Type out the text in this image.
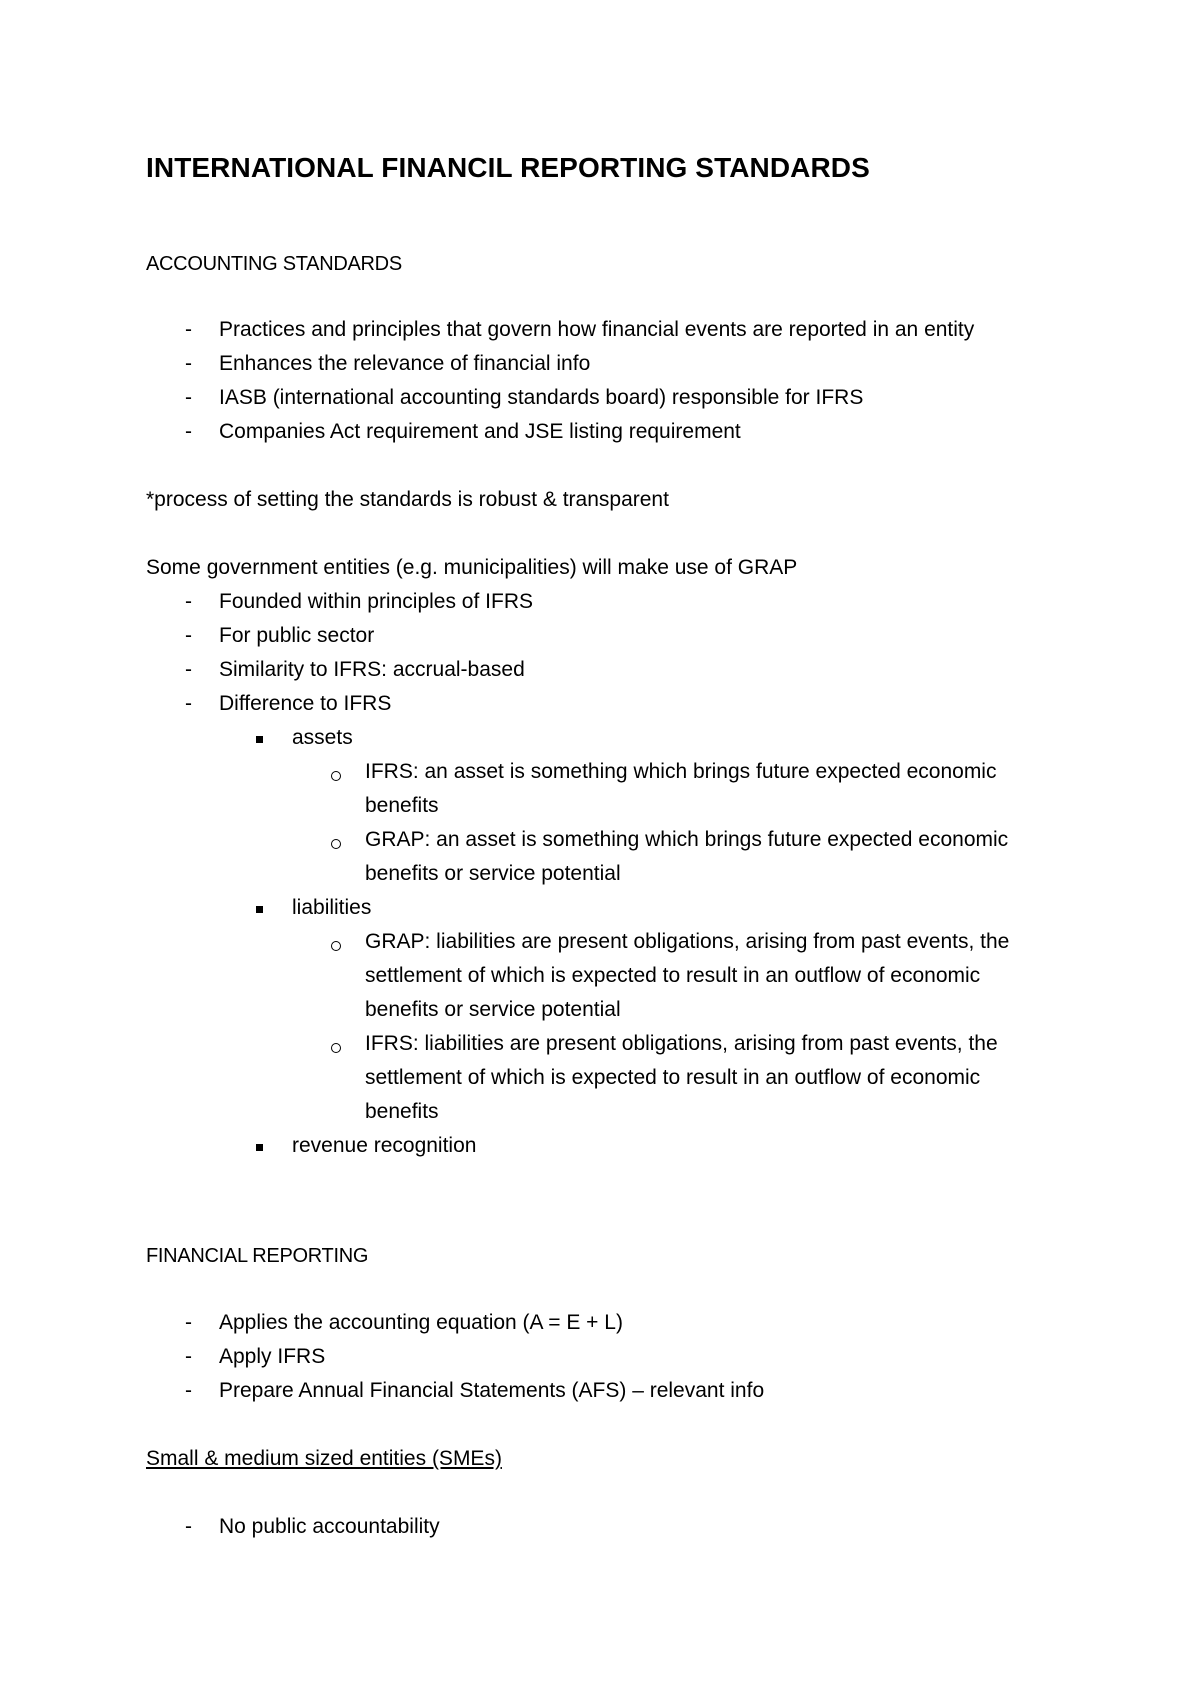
INTERNATIONAL FINANCIL REPORTING STANDARDS
ACCOUNTING STANDARDS
- Practices and principles that govern how financial events are reported in an entity
- Enhances the relevance of financial info
- IASB (international accounting standards board) responsible for IFRS
- Companies Act requirement and JSE listing requirement
*process of setting the standards is robust & transparent
Some government entities (e.g. municipalities) will make use of GRAP
- Founded within principles of IFRS
- For public sector
- Similarity to IFRS: accrual-based
- Difference to IFRS
assets
IFRS: an asset is something which brings future expected economic
benefits
GRAP: an asset is something which brings future expected economic
benefits or service potential
liabilities
GRAP: liabilities are present obligations, arising from past events, the
settlement of which is expected to result in an outflow of economic
benefits or service potential
IFRS: liabilities are present obligations, arising from past events, the
settlement of which is expected to result in an outflow of economic
benefits
revenue recognition
FINANCIAL REPORTING
- Applies the accounting equation (A = E + L)
- Apply IFRS
- Prepare Annual Financial Statements (AFS) – relevant info
Small & medium sized entities (SMEs)
- No public accountability
